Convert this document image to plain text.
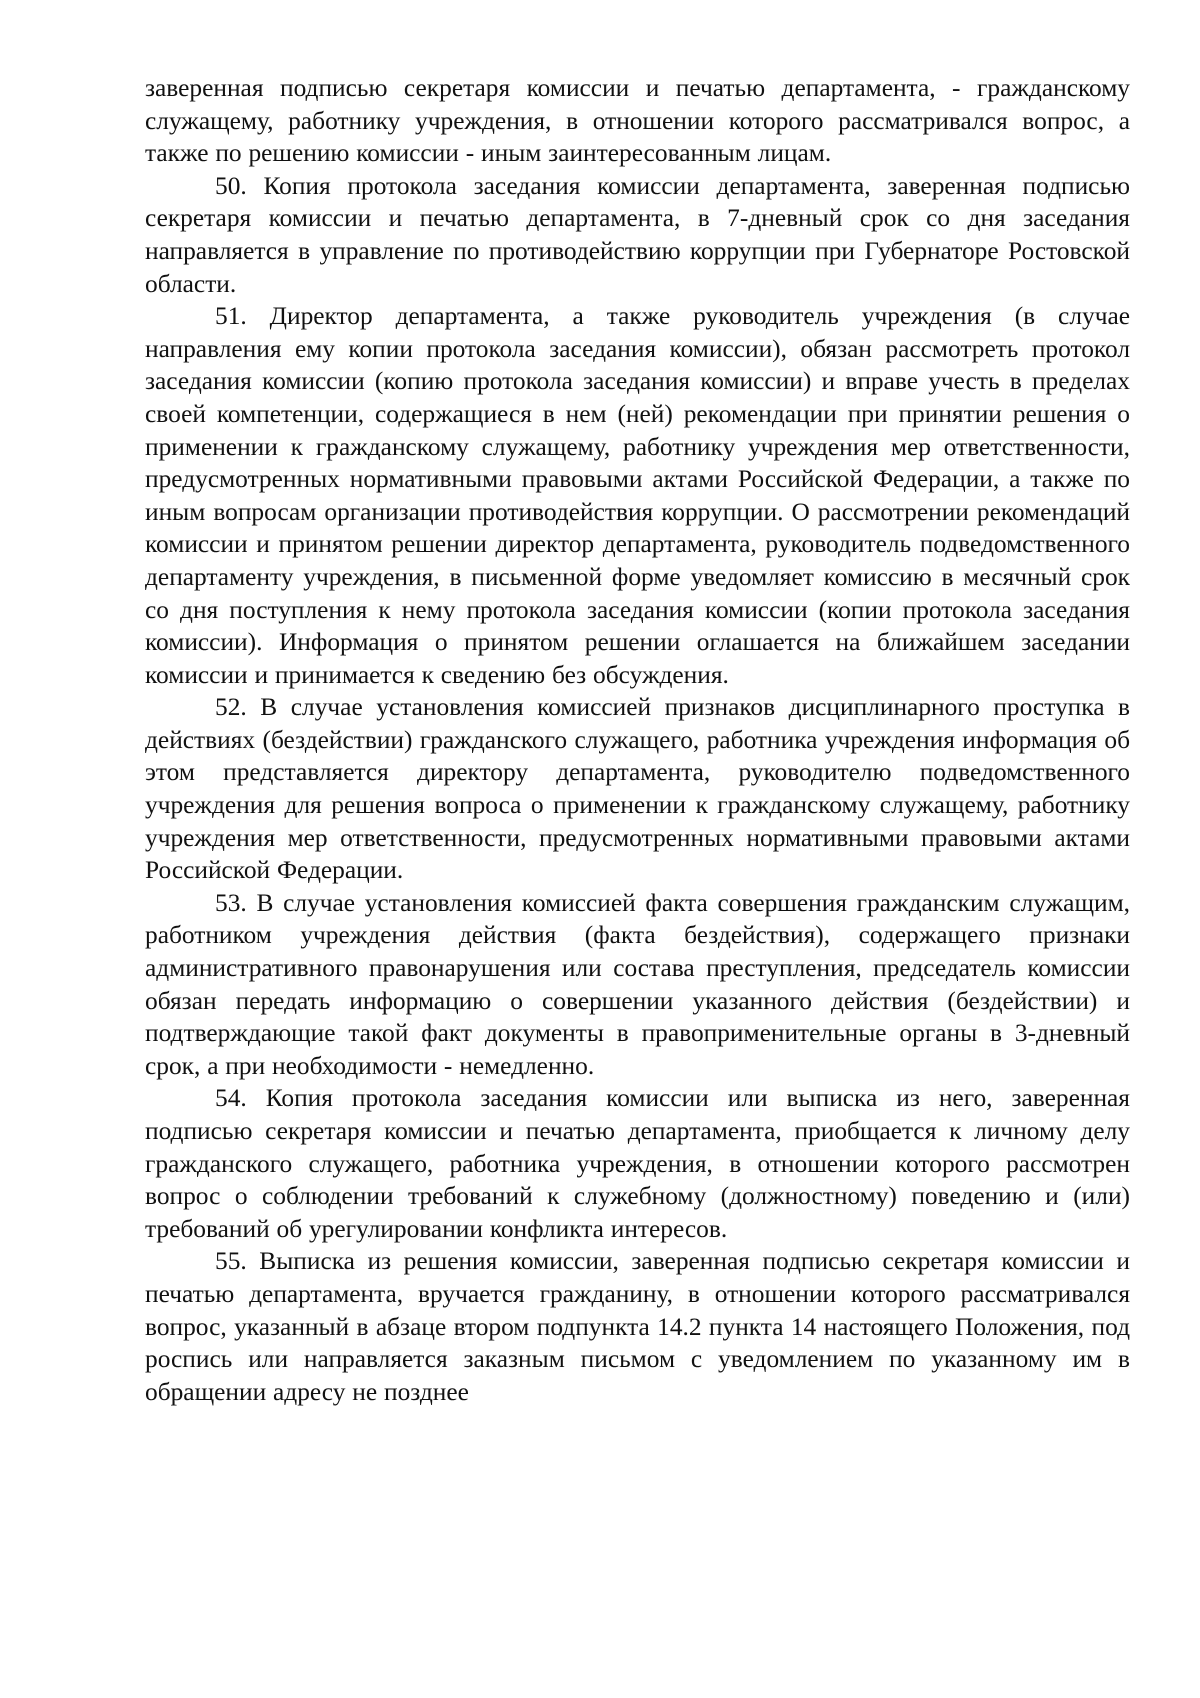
заверенная подписью секретаря комиссии и печатью департамента, - гражданскому служащему, работнику учреждения, в отношении которого рассматривался вопрос, а также по решению комиссии - иным заинтересованным лицам.

50. Копия протокола заседания комиссии департамента, заверенная подписью секретаря комиссии и печатью департамента, в 7-дневный срок со дня заседания направляется в управление по противодействию коррупции при Губернаторе Ростовской области.

51. Директор департамента, а также руководитель учреждения (в случае направления ему копии протокола заседания комиссии), обязан рассмотреть протокол заседания комиссии (копию протокола заседания комиссии) и вправе учесть в пределах своей компетенции, содержащиеся в нем (ней) рекомендации при принятии решения о применении к гражданскому служащему, работнику учреждения мер ответственности, предусмотренных нормативными правовыми актами Российской Федерации, а также по иным вопросам организации противодействия коррупции. О рассмотрении рекомендаций комиссии и принятом решении директор департамента, руководитель подведомственного департаменту учреждения, в письменной форме уведомляет комиссию в месячный срок со дня поступления к нему протокола заседания комиссии (копии протокола заседания комиссии). Информация о принятом решении оглашается на ближайшем заседании комиссии и принимается к сведению без обсуждения.

52. В случае установления комиссией признаков дисциплинарного проступка в действиях (бездействии) гражданского служащего, работника учреждения информация об этом представляется директору департамента, руководителю подведомственного учреждения для решения вопроса о применении к гражданскому служащему, работнику учреждения мер ответственности, предусмотренных нормативными правовыми актами Российской Федерации.

53. В случае установления комиссией факта совершения гражданским служащим, работником учреждения действия (факта бездействия), содержащего признаки административного правонарушения или состава преступления, председатель комиссии обязан передать информацию о совершении указанного действия (бездействии) и подтверждающие такой факт документы в правоприменительные органы в 3-дневный срок, а при необходимости - немедленно.

54. Копия протокола заседания комиссии или выписка из него, заверенная подписью секретаря комиссии и печатью департамента, приобщается к личному делу гражданского служащего, работника учреждения, в отношении которого рассмотрен вопрос о соблюдении требований к служебному (должностному) поведению и (или) требований об урегулировании конфликта интересов.

55. Выписка из решения комиссии, заверенная подписью секретаря комиссии и печатью департамента, вручается гражданину, в отношении которого рассматривался вопрос, указанный в абзаце втором подпункта 14.2 пункта 14 настоящего Положения, под роспись или направляется заказным письмом с уведомлением по указанному им в обращении адресу не позднее
